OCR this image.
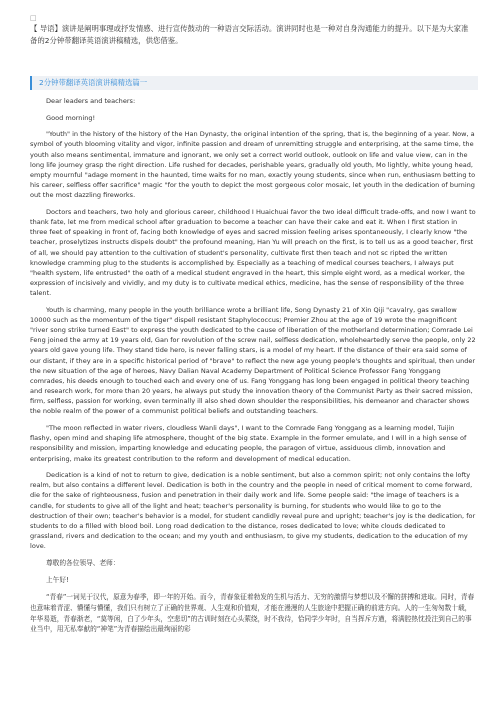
□
【 导语】演讲是阐明事理或抒发情感、进行宣传鼓动的一种语言交际活动。演讲同时也是一种对自身沟通能力的提升。以下是为大家准备的2分钟带翻译英语演讲稿精选，供您借鉴。
2分钟带翻译英语演讲稿精选篇一

Dear leaders and teachers:

Good morning!

"Youth" in the history of the history of the Han Dynasty, the original intention of the spring, that is, the beginning of a year. Now, a symbol of youth blooming vitality and vigor, infinite passion and dream of unremitting struggle and enterprising, at the same time, the youth also means sentimental, immature and ignorant, we only set a correct world outlook, outlook on life and value view, can in the long life journey grasp the right direction. Life rushed for decades, perishable years, gradually old youth, Mo lightly, white young head, empty mournful "adage moment in the haunted, time waits for no man, exactly young students, since when run, enthusiasm betting to his career, selfless offer sacrifice" magic "for the youth to depict the most gorgeous color mosaic, let youth in the dedication of burning out the most dazzling fireworks.

Doctors and teachers, two holy and glorious career, childhood I Huaichuai favor the two ideal difficult trade-offs, and now I want to thank fate, let me from medical school after graduation to become a teacher can have their cake and eat it. When I first station in three feet of speaking in front of, facing both knowledge of eyes and sacred mission feeling arises spontaneously, I clearly know "the teacher, proselytizes instructs dispels doubt" the profound meaning, Han Yu will preach on the first, is to tell us as a good teacher, first of all, we should pay attention to the cultivation of student's personality, cultivate first then teach and not sc ripted the written knowledge cramming plug to the students is accomplished by. Especially as a teaching of medical courses teachers, I always put "health system, life entrusted" the oath of a medical student engraved in the heart, this simple eight word, as a medical worker, the expression of incisively and vividly, and my duty is to cultivate medical ethics, medicine, has the sense of responsibility of the three talent.

Youth is charming, many people in the youth brilliance wrote a brilliant life, Song Dynasty 21 of Xin Qiji "cavalry, gas swallow 10000 such as the momentum of the tiger" dispell resistant Staphylococcus; Premier Zhou at the age of 19 wrote the magnificent "river song strike turned East" to express the youth dedicated to the cause of liberation of the motherland determination; Comrade Lei Feng joined the army at 19 years old, Gan for revolution of the screw nail, selfless dedication, wholeheartedly serve the people, only 22 years old gave young life. They stand tide hero, is never falling stars, is a model of my heart. If the distance of their era said some of our distant, if they are in a specific historical period of "brave" to reflect the new age young people's thoughts and spiritual, then under the new situation of the age of heroes, Navy Dalian Naval Academy Department of Political Science Professor Fang Yonggang comrades, his deeds enough to touched each and every one of us. Fang Yonggang has long been engaged in political theory teaching and research work, for more than 20 years, he always put study the innovation theory of the Communist Party as their sacred mission, firm, selfless, passion for working, even terminally ill also shed down shoulder the responsibilities, his demeanor and character shows the noble realm of the power of a communist political beliefs and outstanding teachers.

"The moon reflected in water rivers, cloudless Wanli days", I want to the Comrade Fang Yonggang as a learning model, Tuijin flashy, open mind and shaping life atmosphere, thought of the big state. Example in the former emulate, and I will in a high sense of responsibility and mission, imparting knowledge and educating people, the paragon of virtue, assiduous climb, innovation and enterprising, make its greatest contribution to the reform and development of medical education.

Dedication is a kind of not to return to give, dedication is a noble sentiment, but also a common spirit; not only contains the lofty realm, but also contains a different level. Dedication is both in the country and the people in need of critical moment to come forward, die for the sake of righteousness, fusion and penetration in their daily work and life. Some people said: "the image of teachers is a candle, for students to give all of the light and heat; teacher's personality is burning, for students who would like to go to the destruction of their own; teacher's behavior is a model, for student candidly reveal pure and upright; teacher's joy is the dedication, for students to do a filled with blood boil. Long road dedication to the distance, roses dedicated to love; white clouds dedicated to grassland, rivers and dedication to the ocean; and my youth and enthusiasm, to give my students, dedication to the education of my love.

尊敬的各位领导、老师：

上午好!

“青春”一词见于汉代，原意为春季，即一年的开始。而今，青春象征着勃发的生机与活力、无穷的激情与梦想以及不懈的拼搏和进取。同时，青春也意味着青涩、懵懂与懵懂，我们只有树立了正确的世界观、人生观和价值观，才能在漫漫的人生旅途中把握正确的前进方向。人的一生匆匆数十载，年华易逝，青春渐老，“莫等闲，白了少年头，空悲切”的古训时刻在心头萦绕，时不我待，恰同学少年时，自当挥斥方遒，将满腔热忱投注到自己的事业当中，用无私奉献的“神笔”为青春描绘出最绚丽的彩
